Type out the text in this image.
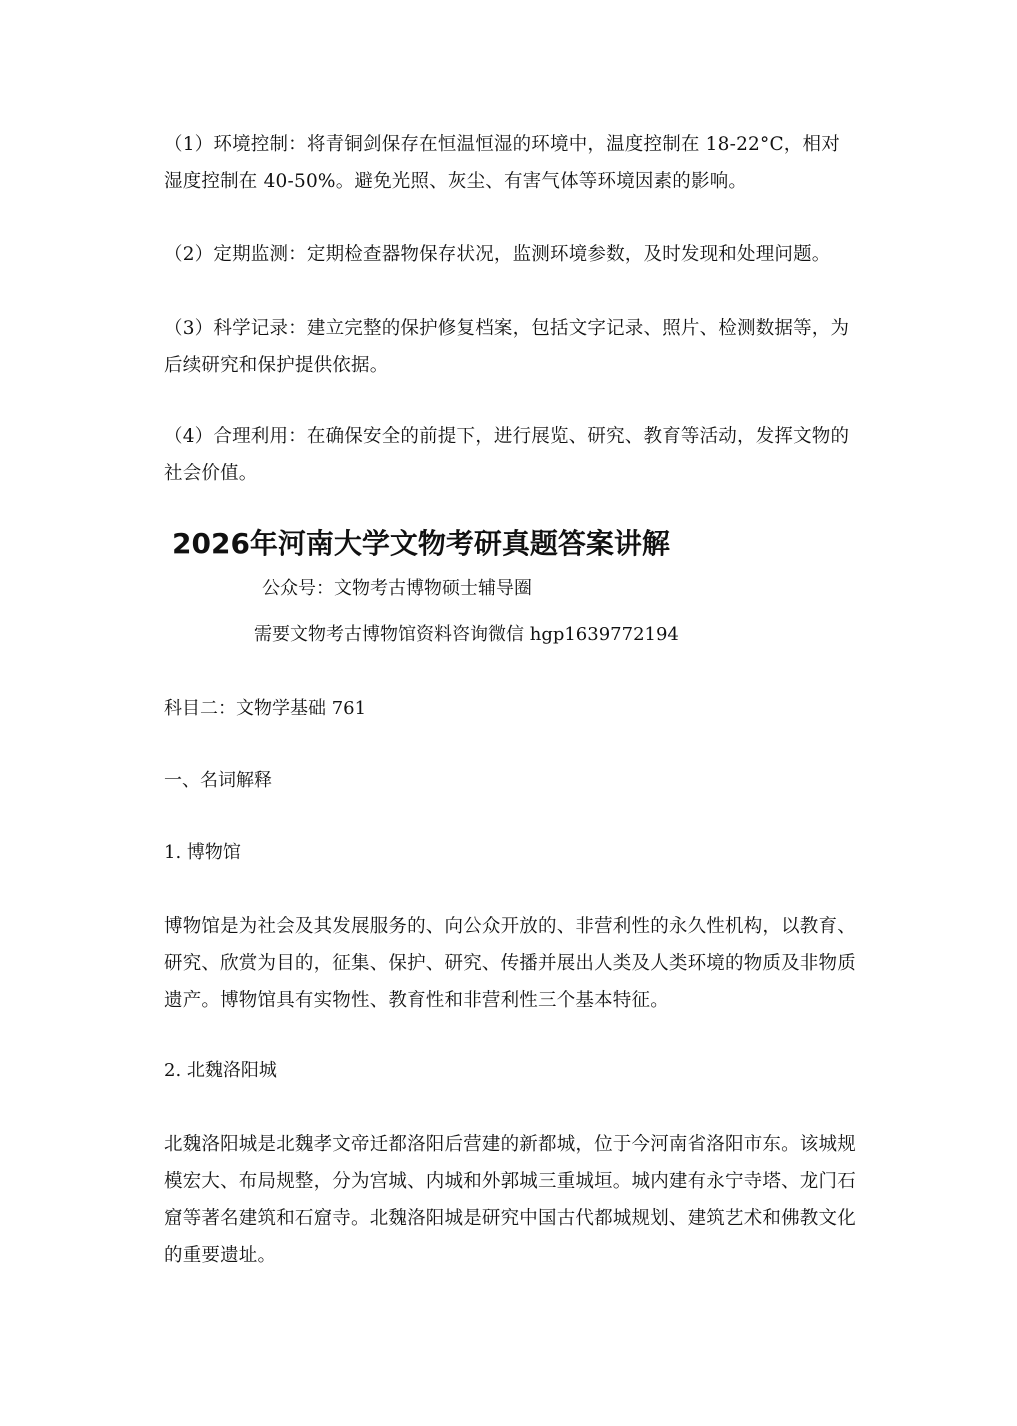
（1）环境控制：将青铜剑保存在恒温恒湿的环境中，温度控制在 18-22°C，相对湿度控制在 40-50%。避免光照、灰尘、有害气体等环境因素的影响。

（2）定期监测：定期检查器物保存状况，监测环境参数，及时发现和处理问题。

（3）科学记录：建立完整的保护修复档案，包括文字记录、照片、检测数据等，为后续研究和保护提供依据。

（4）合理利用：在确保安全的前提下，进行展览、研究、教育等活动，发挥文物的社会价值。

2026年河南大学文物考研真题答案讲解

公众号：文物考古博物硕士辅导圈

需要文物考古博物馆资料咨询微信 hgp1639772194

科目二：文物学基础 761

一、名词解释

1. 博物馆

博物馆是为社会及其发展服务的、向公众开放的、非营利性的永久性机构，以教育、研究、欣赏为目的，征集、保护、研究、传播并展出人类及人类环境的物质及非物质遗产。博物馆具有实物性、教育性和非营利性三个基本特征。

2. 北魏洛阳城

北魏洛阳城是北魏孝文帝迁都洛阳后营建的新都城，位于今河南省洛阳市东。该城规模宏大、布局规整，分为宫城、内城和外郭城三重城垣。城内建有永宁寺塔、龙门石窟等著名建筑和石窟寺。北魏洛阳城是研究中国古代都城规划、建筑艺术和佛教文化的重要遗址。
